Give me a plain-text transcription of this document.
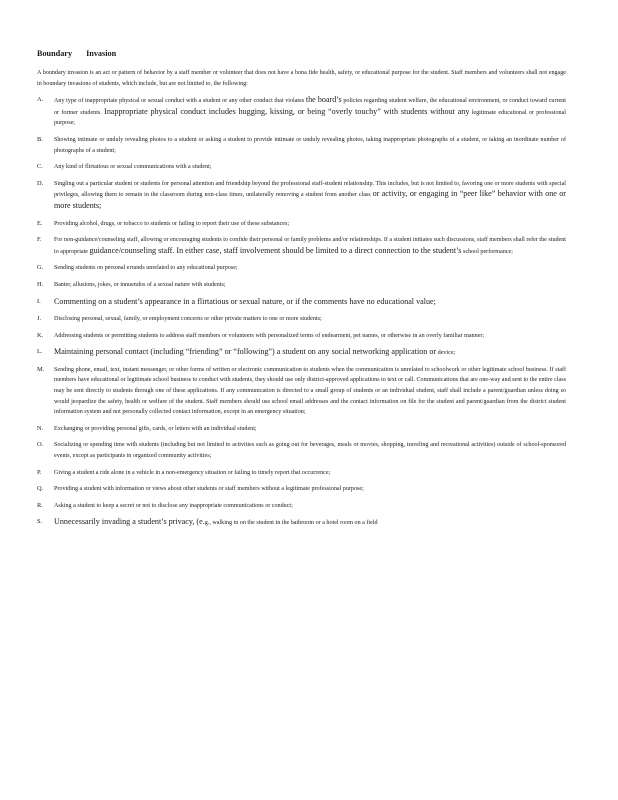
Boundary Invasion
A boundary invasion is an act or pattern of behavior by a staff member or volunteer that does not have a bona fide health, safety, or educational purpose for the student. Staff members and volunteers shall not engage in boundary invasions of students, which include, but are not limited to, the following:
A.	Any type of inappropriate physical or sexual conduct with a student or any other conduct that violates the board’s policies regarding student welfare, the educational environment, or conduct toward current or former students. Inappropriate physical conduct includes hugging, kissing, or being “overly touchy” with students without any legitimate educational or professional purpose;
B.	Showing intimate or unduly revealing photos to a student or asking a student to provide intimate or unduly revealing photos, taking inappropriate photographs of a student, or taking an inordinate number of photographs of a student;
C.	Any kind of flirtatious or sexual communications with a student;
D.	Singling out a particular student or students for personal attention and friendship beyond the professional staff-student relationship. This includes, but is not limited to, favoring one or more students with special privileges, allowing them to remain in the classroom during non-class times, unilaterally removing a student from another class or activity, or engaging in “peer like” behavior with one or more students;
E.	Providing alcohol, drugs, or tobacco to students or failing to report their use of these substances;
F.	For non-guidance/counseling staff, allowing or encouraging students to confide their personal or family problems and/or relationships. If a student initiates such discussions, staff members shall refer the student to appropriate guidance/counseling staff. In either case, staff involvement should be limited to a direct connection to the student’s school performance;
G.	Sending students on personal errands unrelated to any educational purpose;
H.	Banter, allusions, jokes, or innuendos of a sexual nature with students;
I.	Commenting on a student’s appearance in a flirtatious or sexual nature, or if the comments have no educational value;
J.	Disclosing personal, sexual, family, or employment concerns or other private matters to one or more students;
K.	Addressing students or permitting students to address staff members or volunteers with personalized terms of endearment, pet names, or otherwise in an overly familiar manner;
L.	Maintaining personal contact (including “friending” or “following”) a student on any social networking application or device;
M.	Sending phone, email, text, instant messenger, or other forms of written or electronic communication to students when the communication is unrelated to schoolwork or other legitimate school business. If staff members have educational or legitimate school business to conduct with students, they should use only district-approved applications to text or call. Communications that are one-way and sent to the entire class may be sent directly to students through one of these applications. If any communication is directed to a small group of students or an individual student, staff shall include a parent/guardian unless doing so would jeopardize the safety, health or welfare of the student. Staff members should use school email addresses and the contact information on file for the student and parent/guardian from the district student information system and not personally collected contact information, except in an emergency situation;
N.	Exchanging or providing personal gifts, cards, or letters with an individual student;
O.	Socializing or spending time with students (including but not limited to activities such as going out for beverages, meals or movies, shopping, traveling and recreational activities) outside of school-sponsored events, except as participants in organized community activities;
P.	Giving a student a ride alone in a vehicle in a non-emergency situation or failing to timely report that occurrence;
Q.	Providing a student with information or views about other students or staff members without a legitimate professional purpose;
R.	Asking a student to keep a secret or not to disclose any inappropriate communications or conduct;
S.	Unnecessarily invading a student’s privacy, (e.g., walking in on the student in the bathroom or a hotel room on a field
